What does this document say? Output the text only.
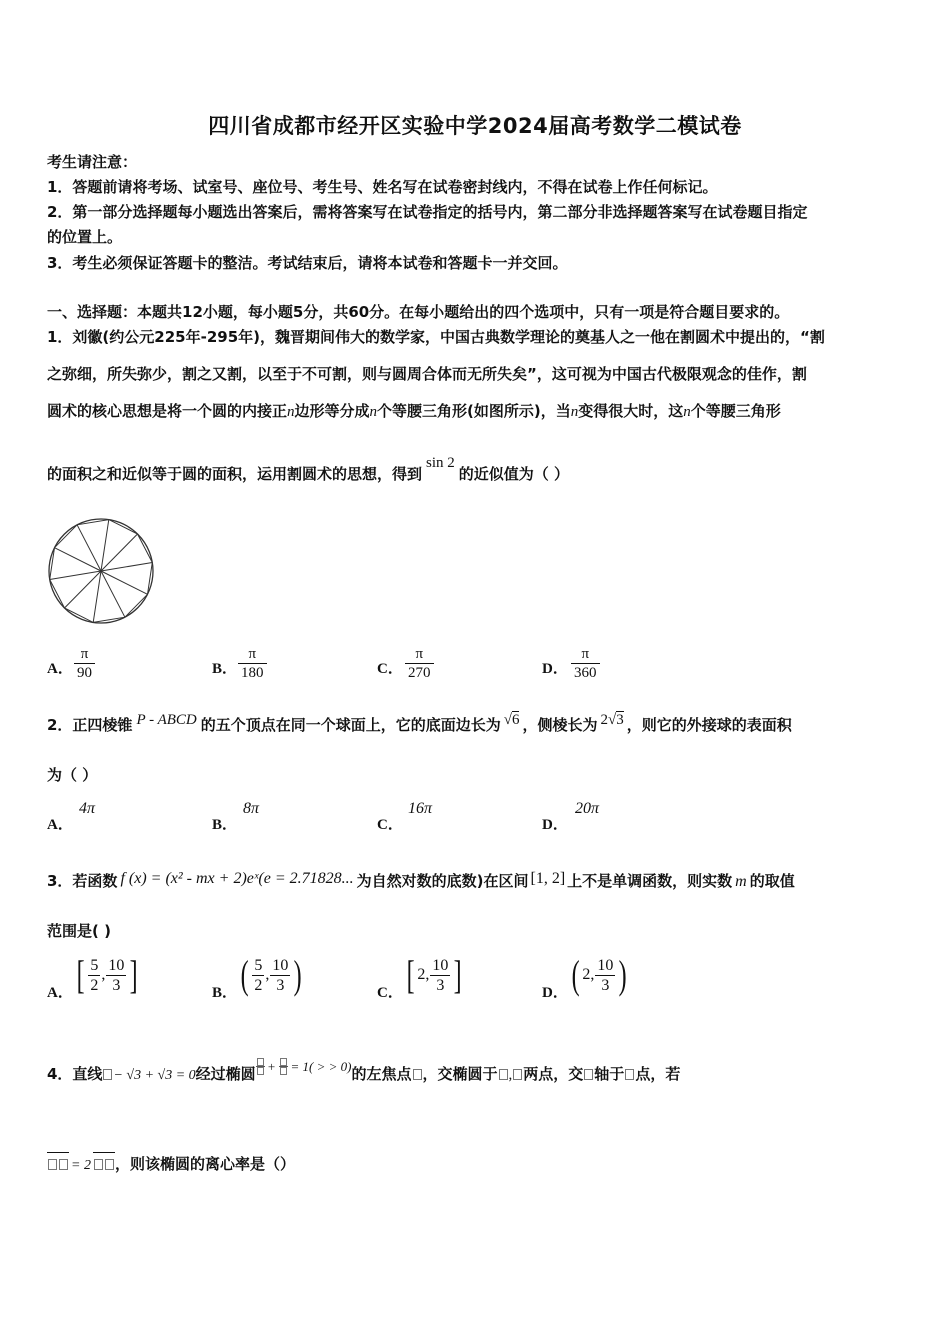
四川省成都市经开区实验中学2024届高考数学二模试卷
考生请注意：
1．答题前请将考场、试室号、座位号、考生号、姓名写在试卷密封线内，不得在试卷上作任何标记。
2．第一部分选择题每小题选出答案后，需将答案写在试卷指定的括号内，第二部分非选择题答案写在试卷题目指定
的位置上。
3．考生必须保证答题卡的整洁。考试结束后，请将本试卷和答题卡一并交回。
一、选择题：本题共12小题，每小题5分，共60分。在每小题给出的四个选项中，只有一项是符合题目要求的。
1．刘徽(约公元225年-295年)，魏晋期间伟大的数学家，中国古典数学理论的奠基人之一他在割圆术中提出的，“割
之弥细，所失弥少，割之又割，以至于不可割，则与圆周合体而无所失矣”，这可视为中国古代极限观念的佳作，割
圆术的核心思想是将一个圆的内接正n边形等分成n个等腰三角形(如图所示)，当n变得很大时，这n个等腰三角形
的面积之和近似等于圆的面积，运用割圆术的思想，得到sin 2的近似值为（ ）
A． $\frac{\pi}{90}$	B． $\frac{\pi}{180}$	C． $\frac{\pi}{270}$	D． $\frac{\pi}{360}$
2．正四棱锥 P - ABCD 的五个顶点在同一个球面上，它的底面边长为 √6 ，侧棱长为 2√3 ，则它的外接球的表面积
为（ ）
A．
4π
B．
8π
C．
16π
D．
20π
3．若函数 f (x) = (x² - mx + 2)eˣ(e = 2.71828... 为自然对数的底数)在区间 [1, 2] 上不是单调函数，则实数 m 的取值
范围是( )
A． [ $\frac{5}{2}$ , $\frac{10}{3}$ ]	B． ( $\frac{5}{2}$ , $\frac{10}{3}$ )	C． [ 2 , $\frac{10}{3}$ ]	D． ( 2 , $\frac{10}{3}$ )
4．直线 − √3 + √3 = 0经过椭圆
+
= 1( > > 0)的左焦点 ，交椭圆于 , 两点，交 轴于 点，若
= 2 ，则该椭圆的离心率是（）
